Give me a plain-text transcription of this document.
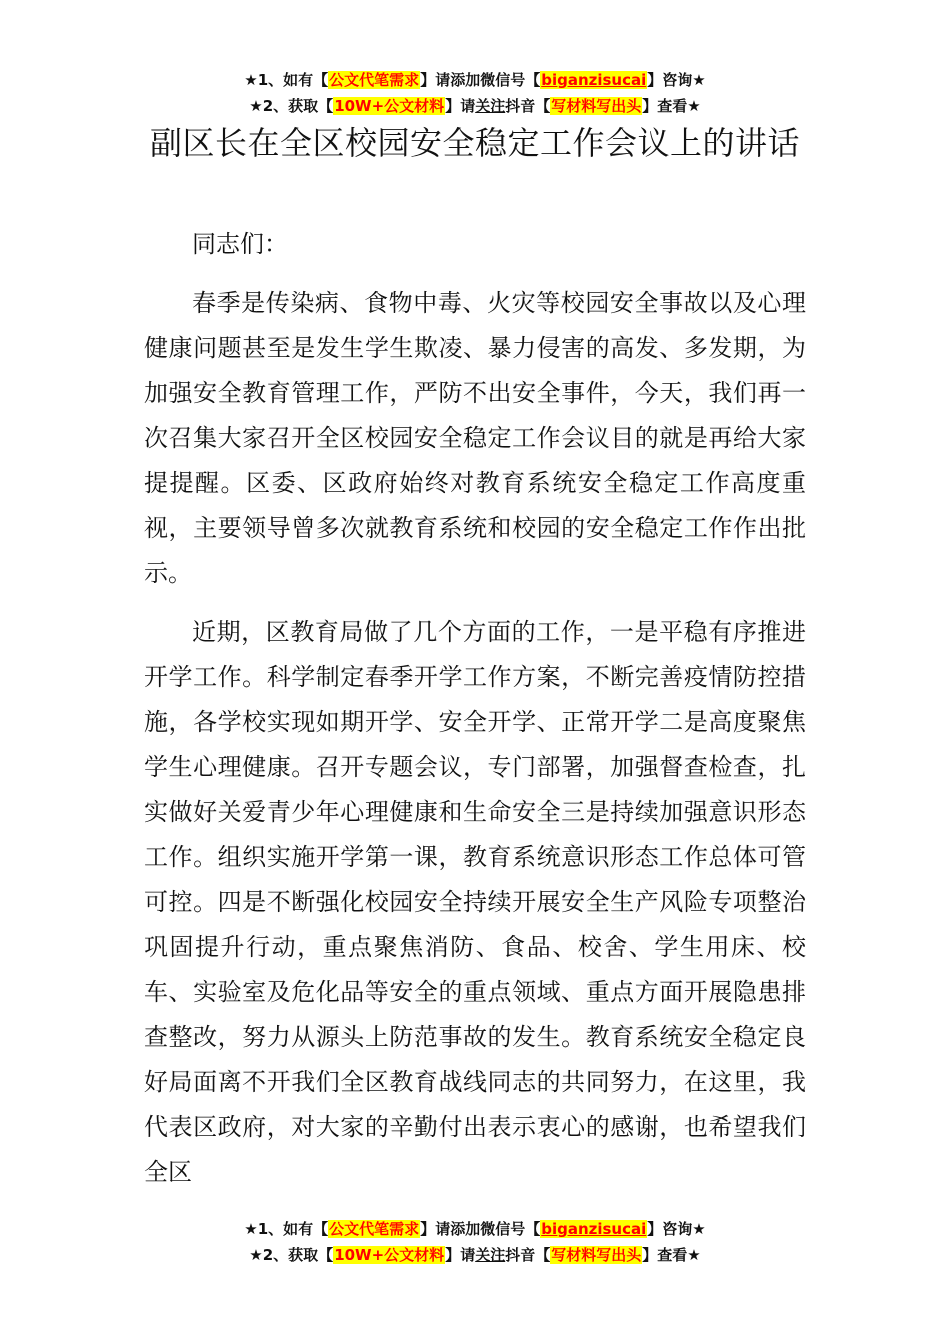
★1、如有【公文代笔需求】请添加微信号【biganzisucai】咨询★
★2、获取【10W+公文材料】请关注抖音【写材料写出头】查看★
副区长在全区校园安全稳定工作会议上的讲话

同志们：

春季是传染病、食物中毒、火灾等校园安全事故以及心理健康问题甚至是发生学生欺凌、暴力侵害的高发、多发期，为加强安全教育管理工作，严防不出安全事件，今天，我们再一次召集大家召开全区校园安全稳定工作会议目的就是再给大家提提醒。区委、区政府始终对教育系统安全稳定工作高度重视，主要领导曾多次就教育系统和校园的安全稳定工作作出批示。

近期，区教育局做了几个方面的工作，一是平稳有序推进开学工作。科学制定春季开学工作方案，不断完善疫情防控措施，各学校实现如期开学、安全开学、正常开学二是高度聚焦学生心理健康。召开专题会议，专门部署，加强督查检查，扎实做好关爱青少年心理健康和生命安全三是持续加强意识形态工作。组织实施开学第一课，教育系统意识形态工作总体可管可控。四是不断强化校园安全持续开展安全生产风险专项整治巩固提升行动，重点聚焦消防、食品、校舍、学生用床、校车、实验室及危化品等安全的重点领域、重点方面开展隐患排查整改，努力从源头上防范事故的发生。教育系统安全稳定良好局面离不开我们全区教育战线同志的共同努力，在这里，我代表区政府，对大家的辛勤付出表示衷心的感谢，也希望我们全区

★1、如有【公文代笔需求】请添加微信号【biganzisucai】咨询★
★2、获取【10W+公文材料】请关注抖音【写材料写出头】查看★
